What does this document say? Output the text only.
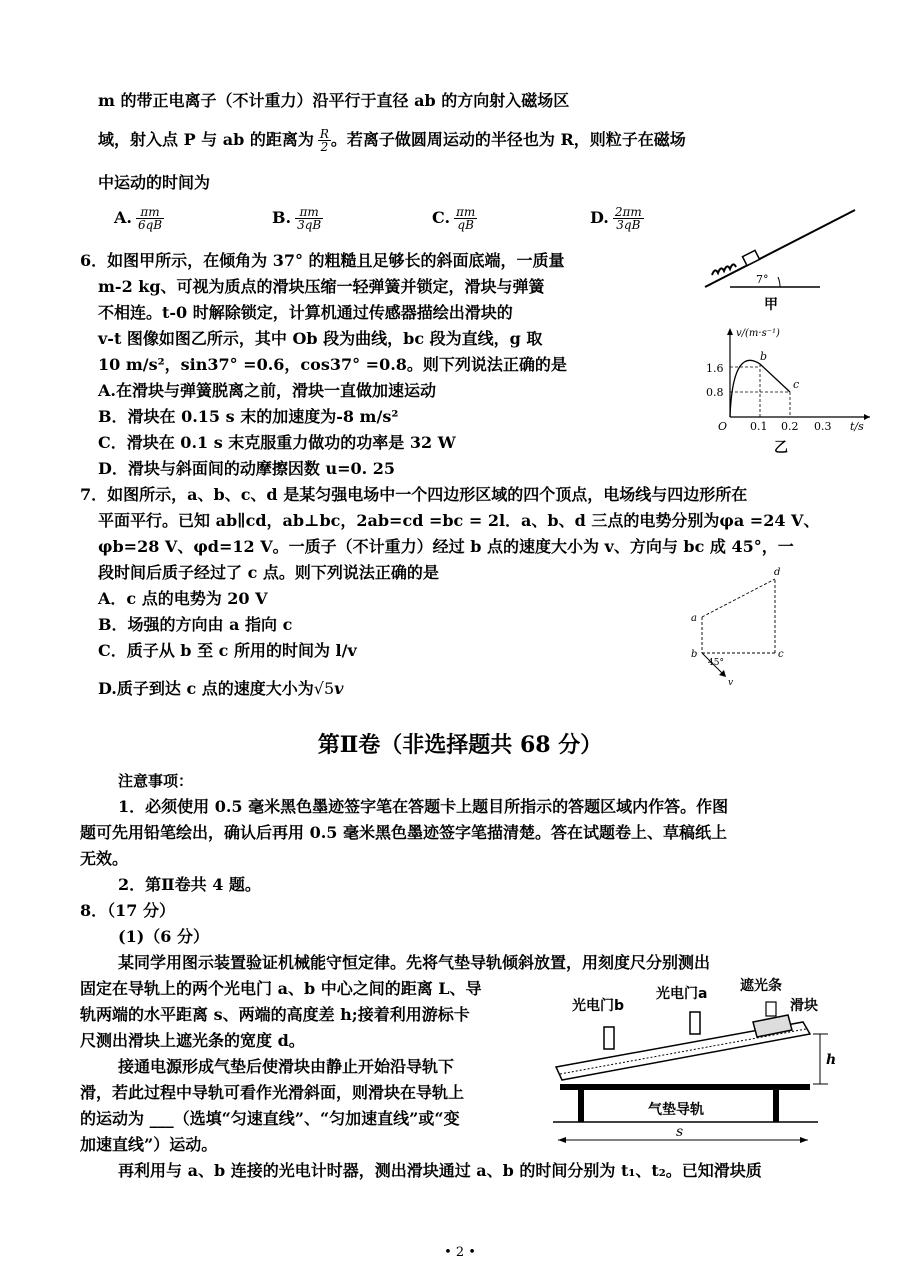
m 的带正电离子（不计重力）沿平行于直径 ab 的方向射入磁场区
域，射入点 P 与 ab 的距离为 $\frac{R}{2}$ 。若离子做圆周运动的半径也为 R，则粒子在磁场
中运动的时间为
A. $\frac{\pi m}{6qB}$	B. $\frac{\pi m}{3qB}$	C. $\frac{\pi m}{qB}$	D. $\frac{2\pi m}{3qB}$
6．如图甲所示，在倾角为 37° 的粗糙且足够长的斜面底端，一质量
m-2 kg、可视为质点的滑块压缩一轻弹簧并锁定，滑块与弹簧
不相连。t-0 时解除锁定，计算机通过传感器描绘出滑块的
v-t 图像如图乙所示，其中 Ob 段为曲线，bc 段为直线，g 取
10 m/s²，sin37° =0.6，cos37° =0.8。则下列说法正确的是
A.在滑块与弹簧脱离之前，滑块一直做加速运动
B．滑块在 0.15 s 末的加速度为-8 m/s²
C．滑块在 0.1 s 末克服重力做功的功率是 32 W
D．滑块与斜面间的动摩擦因数 u=0. 25
7°
甲
v/(m·s⁻¹)
t/s
1.6
0.8
O 0.1 0.2 0.3
b
c
乙
7．如图所示，a、b、c、d 是某匀强电场中一个四边形区域的四个顶点，电场线与四边形所在
平面平行。已知 ab∥cd，ab⊥bc，2ab=cd =bc = 2l．a、b、d 三点的电势分别为φa =24 V、
φb=28 V、φd=12 V。一质子（不计重力）经过 b 点的速度大小为 v、方向与 bc 成 45°，一
段时间后质子经过了 c 点。则下列说法正确的是
A．c 点的电势为 20 V
B．场强的方向由 a 指向 c
C．质子从 b 至 c 所用的时间为 l/v
D.质子到达 c 点的速度大小为√5v
a
b	c
d
45°
v
第Ⅱ卷（非选择题共 68 分）
注意事项：
1．必须使用 0.5 毫米黑色墨迹签字笔在答题卡上题目所指示的答题区域内作答。作图
题可先用铅笔绘出，确认后再用 0.5 毫米黑色墨迹签字笔描清楚。答在试题卷上、草稿纸上
无效。
2．第Ⅱ卷共 4 题。
8．（17 分）
(1)（6 分）
某同学用图示装置验证机械能守恒定律。先将气垫导轨倾斜放置，用刻度尺分别测出
固定在导轨上的两个光电门 a、b 中心之间的距离 L、导
轨两端的水平距离 s、两端的高度差 h;接着利用游标卡
尺测出滑块上遮光条的宽度 d。
接通电源形成气垫后使滑块由静止开始沿导轨下
滑，若此过程中导轨可看作光滑斜面，则滑块在导轨上
的运动为 ___（选填“匀速直线”、“匀加速直线”或“变
加速直线”）运动。
再利用与 a、b 连接的光电计时器，测出滑块通过 a、b 的时间分别为 t₁、t₂。已知滑块质
光电门b
光电门a 遮光条
滑块
h
气垫导轨
s
• 2 •
